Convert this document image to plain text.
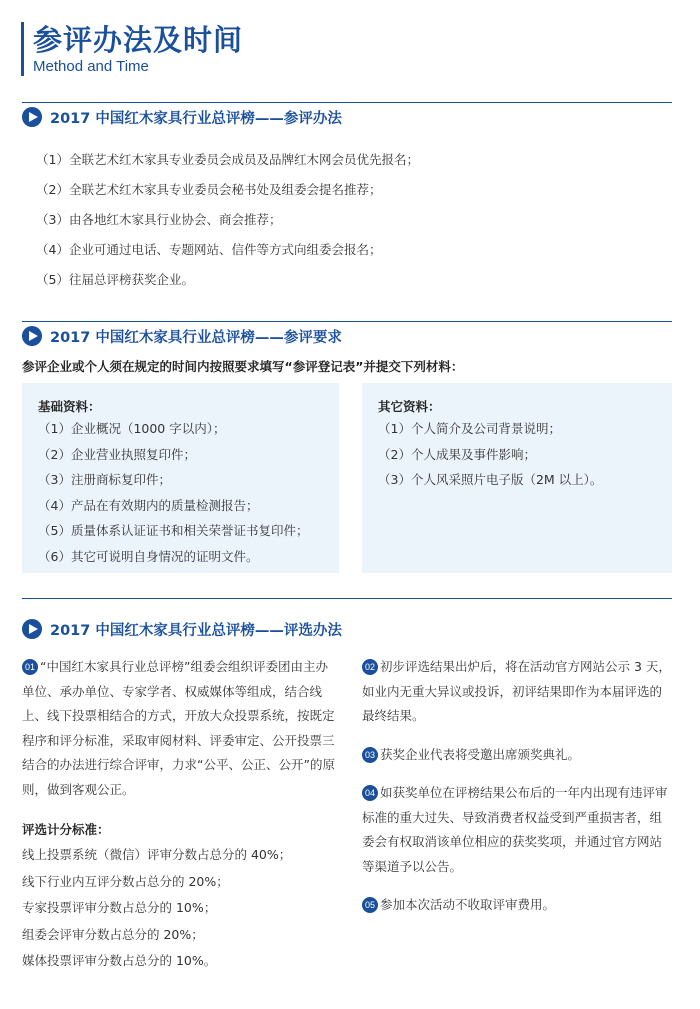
参评办法及时间
Method and Time
2017 中国红木家具行业总评榜——参评办法
（1）全联艺术红木家具专业委员会成员及品牌红木网会员优先报名；
（2）全联艺术红木家具专业委员会秘书处及组委会提名推荐；
（3）由各地红木家具行业协会、商会推荐；
（4）企业可通过电话、专题网站、信件等方式向组委会报名；
（5）往届总评榜获奖企业。
2017 中国红木家具行业总评榜——参评要求
参评企业或个人须在规定的时间内按照要求填写“参评登记表”并提交下列材料：
基础资料：
（1）企业概况（1000 字以内）；
（2）企业营业执照复印件；
（3）注册商标复印件；
（4）产品在有效期内的质量检测报告；
（5）质量体系认证证书和相关荣誉证书复印件；
（6）其它可说明自身情况的证明文件。
其它资料：
（1）个人简介及公司背景说明；
（2）个人成果及事件影响；
（3）个人风采照片电子版（2M 以上）。
2017 中国红木家具行业总评榜——评选办法
01 “中国红木家具行业总评榜”组委会组织评委团由主办单位、承办单位、专家学者、权威媒体等组成，结合线上、线下投票相结合的方式，开放大众投票系统，按既定程序和评分标准，采取审阅材料、评委审定、公开投票三结合的办法进行综合评审，力求“公平、公正、公开”的原则，做到客观公正。
评选计分标准：
线上投票系统（微信）评审分数占总分的 40%；
线下行业内互评分数占总分的 20%；
专家投票评审分数占总分的 10%；
组委会评审分数占总分的 20%；
媒体投票评审分数占总分的 10%。
02 初步评选结果出炉后，将在活动官方网站公示 3 天，如业内无重大异议或投诉，初评结果即作为本届评选的最终结果。
03 获奖企业代表将受邀出席颁奖典礼。
04 如获奖单位在评榜结果公布后的一年内出现有违评审标准的重大过失、导致消费者权益受到严重损害者，组委会有权取消该单位相应的获奖奖项，并通过官方网站等渠道予以公告。
05 参加本次活动不收取评审费用。
